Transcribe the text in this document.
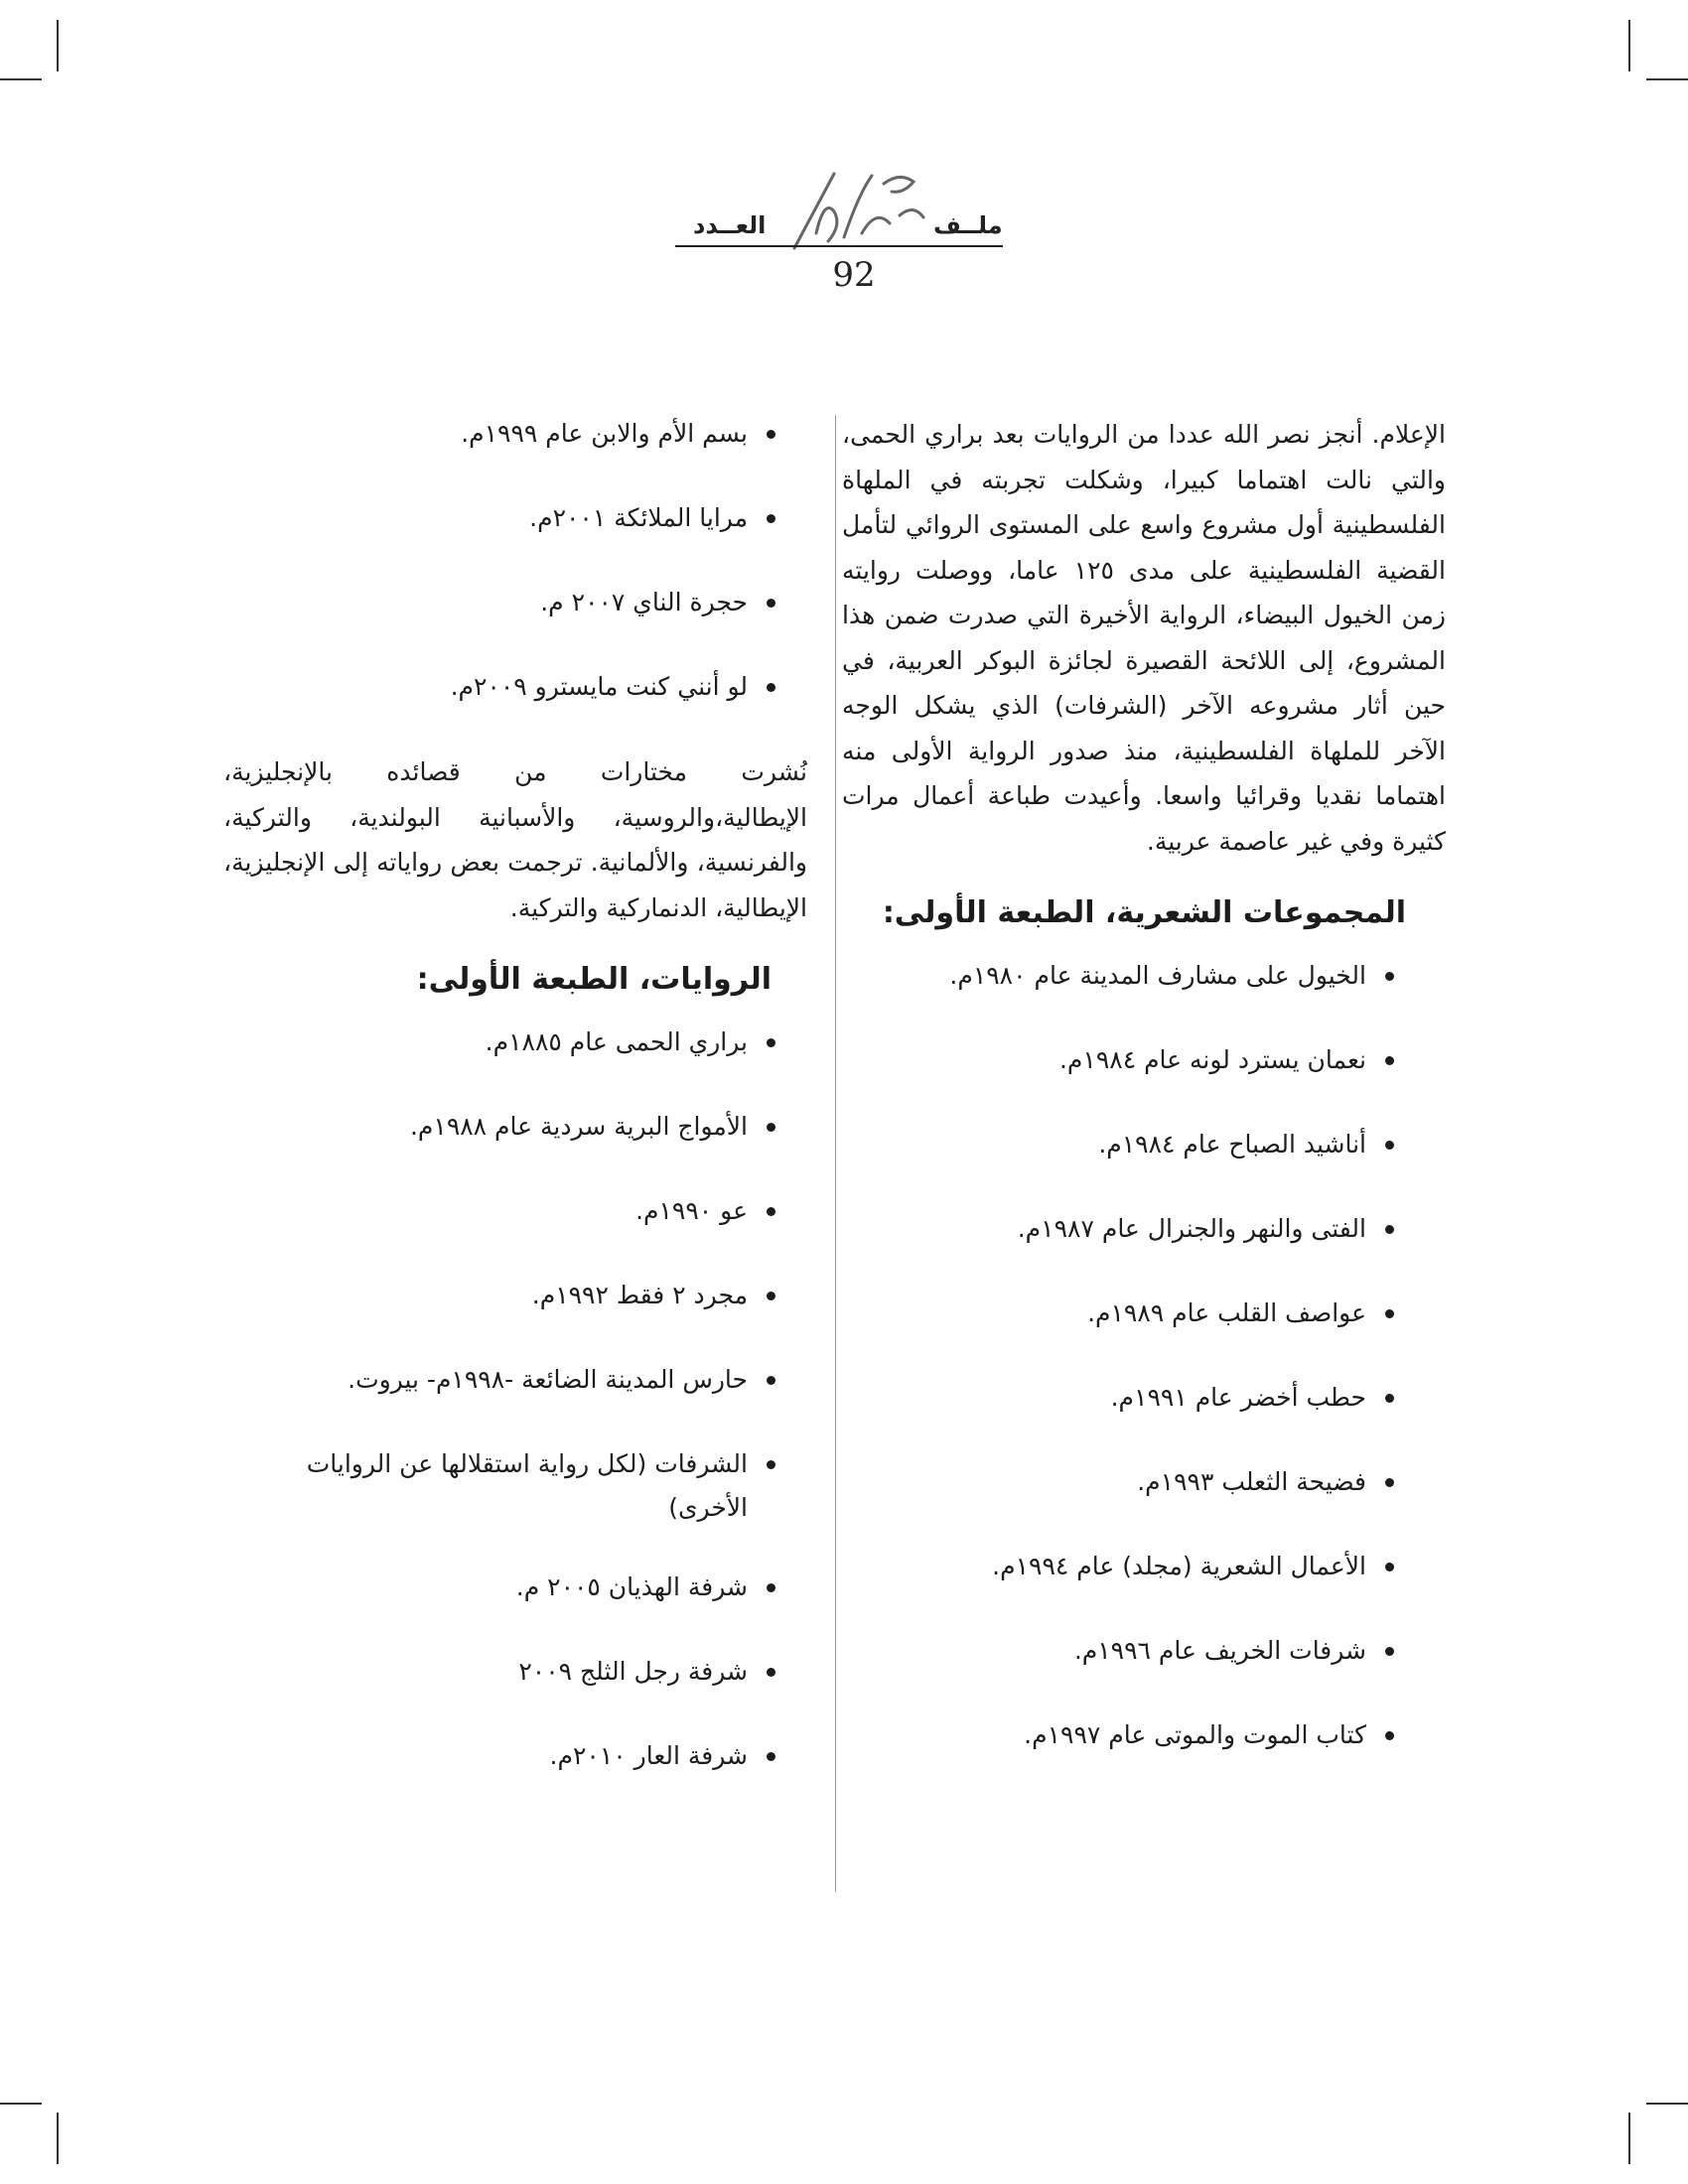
ابو قصر
العــدد	ملــف
92

الإعلام. أنجز نصر الله عددا من الروايات بعد براري الحمى، والتي نالت اهتماما كبيرا، وشكلت تجربته في الملهاة الفلسطينية أول مشروع واسع على المستوى الروائي لتأمل القضية الفلسطينية على مدى ١٢٥ عاما، ووصلت روايته زمن الخيول البيضاء، الرواية الأخيرة التي صدرت ضمن هذا المشروع، إلى اللائحة القصيرة لجائزة البوكر العربية، في حين أثار مشروعه الآخر (الشرفات) الذي يشكل الوجه الآخر للملهاة الفلسطينية، منذ صدور الرواية الأولى منه اهتماما نقديا وقرائيا واسعا. وأعيدت طباعة أعمال مرات كثيرة وفي غير عاصمة عربية.

المجموعات الشعرية، الطبعة الأولى:
الخيول على مشارف المدينة عام ١٩٨٠م.
نعمان يسترد لونه عام ١٩٨٤م.
أناشيد الصباح عام ١٩٨٤م.
الفتى والنهر والجنرال عام ١٩٨٧م.
عواصف القلب عام ١٩٨٩م.
حطب أخضر عام ١٩٩١م.
فضيحة الثعلب ١٩٩٣م.
الأعمال الشعرية (مجلد) عام ١٩٩٤م.
شرفات الخريف عام ١٩٩٦م.
كتاب الموت والموتى عام ١٩٩٧م.
بسم الأم والابن عام ١٩٩٩م.
مرايا الملائكة ٢٠٠١م.
حجرة الناي ٢٠٠٧ م.
لو أنني كنت مايسترو ٢٠٠٩م.

نُشرت مختارات من قصائده بالإنجليزية، الإيطالية،والروسية، والأسبانية البولندية، والتركية، والفرنسية، والألمانية. ترجمت بعض رواياته إلى الإنجليزية، الإيطالية، الدنماركية والتركية.

الروايات، الطبعة الأولى:
براري الحمى عام ١٨٨٥م.
الأمواج البرية سردية عام ١٩٨٨م.
عو ١٩٩٠م.
مجرد ٢ فقط ١٩٩٢م.
حارس المدينة الضائعة -١٩٩٨م- بيروت.
الشرفات (لكل رواية استقلالها عن الروايات الأخرى)
شرفة الهذيان ٢٠٠٥ م.
شرفة رجل الثلج ٢٠٠٩
شرفة العار ٢٠١٠م.
